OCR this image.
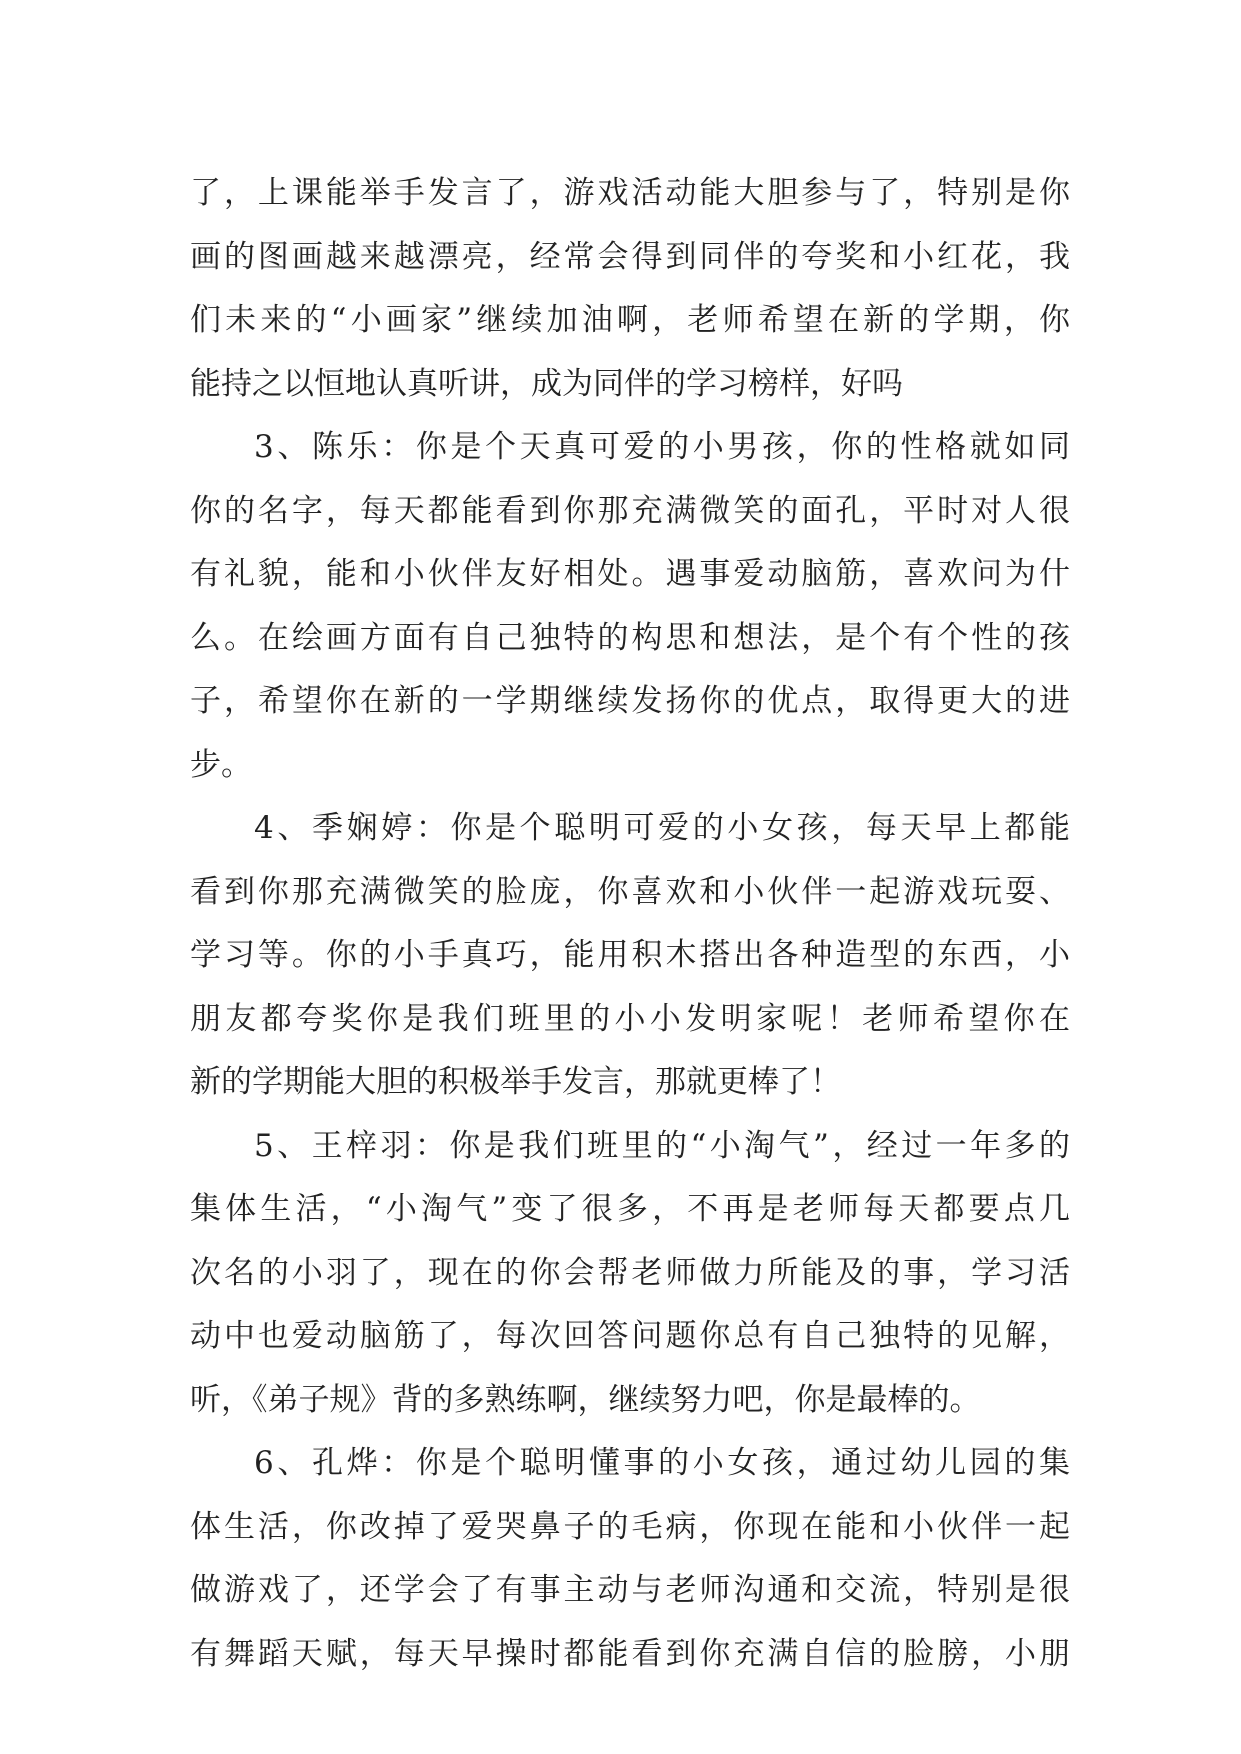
了，上课能举手发言了，游戏活动能大胆参与了，特别是你
画的图画越来越漂亮，经常会得到同伴的夸奖和小红花，我
们未来的“小画家”继续加油啊，老师希望在新的学期，你
能持之以恒地认真听讲，成为同伴的学习榜样，好吗
3、陈乐：你是个天真可爱的小男孩，你的性格就如同
你的名字，每天都能看到你那充满微笑的面孔，平时对人很
有礼貌，能和小伙伴友好相处。遇事爱动脑筋，喜欢问为什
么。在绘画方面有自己独特的构思和想法，是个有个性的孩
子，希望你在新的一学期继续发扬你的优点，取得更大的进
步。
4、季娴婷：你是个聪明可爱的小女孩，每天早上都能
看到你那充满微笑的脸庞，你喜欢和小伙伴一起游戏玩耍、
学习等。你的小手真巧，能用积木搭出各种造型的东西，小
朋友都夸奖你是我们班里的小小发明家呢！老师希望你在
新的学期能大胆的积极举手发言，那就更棒了！
5、王梓羽：你是我们班里的“小淘气”，经过一年多的
集体生活，“小淘气”变了很多，不再是老师每天都要点几
次名的小羽了，现在的你会帮老师做力所能及的事，学习活
动中也爱动脑筋了，每次回答问题你总有自己独特的见解，
听，《弟子规》背的多熟练啊，继续努力吧，你是最棒的。
6、孔烨：你是个聪明懂事的小女孩，通过幼儿园的集
体生活，你改掉了爱哭鼻子的毛病，你现在能和小伙伴一起
做游戏了，还学会了有事主动与老师沟通和交流，特别是很
有舞蹈天赋，每天早操时都能看到你充满自信的脸膀，小朋
